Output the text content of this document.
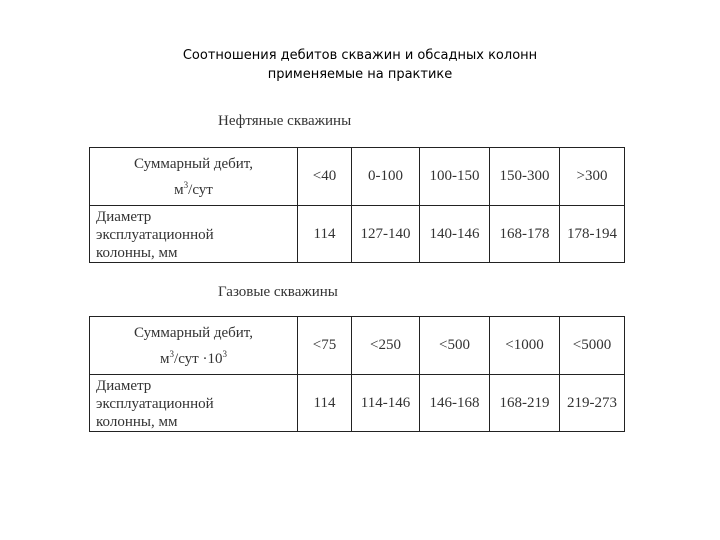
Соотношения дебитов скважин и обсадных колонн
применяемые на практике
Нефтяные скважины
Суммарный дебит,
$м^3$/сут	<40	0-100	100-150	150-300	>300

Диаметр
эксплуатационной
колонны, мм	114	127-140	140-146	168-178	178-194
Газовые скважины
Суммарный дебит,
$м^3$/сут $\cdot 10^3$	<75	<250	<500	<1000	<5000

Диаметр
эксплуатационной
колонны, мм	114	114-146	146-168	168-219	219-273
